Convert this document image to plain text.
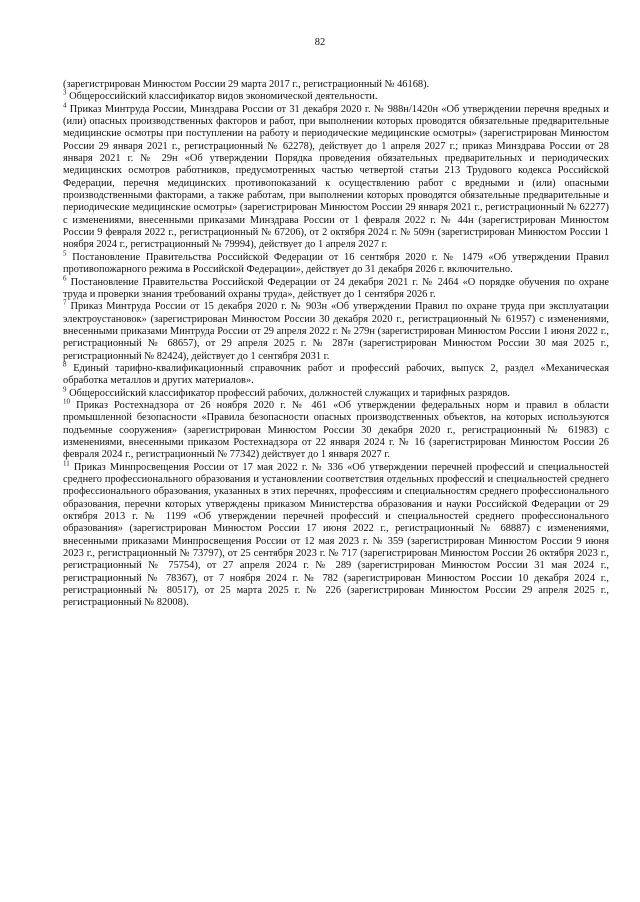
82

(зарегистрирован Минюстом России 29 марта 2017 г., регистрационный № 46168).

$^3$ Общероссийский классификатор видов экономической деятельности.

$^4$ Приказ Минтруда России, Минздрава России от 31 декабря 2020 г. № 988н/1420н «Об утверждении перечня вредных и (или) опасных производственных факторов и работ, при выполнении которых проводятся обязательные предварительные медицинские осмотры при поступлении на работу и периодические медицинские осмотры» (зарегистрирован Минюстом России 29 января 2021 г., регистрационный № 62278), действует до 1 апреля 2027 г.; приказ Минздрава России от 28 января 2021 г. № 29н «Об утверждении Порядка проведения обязательных предварительных и периодических медицинских осмотров работников, предусмотренных частью четвертой статьи 213 Трудового кодекса Российской Федерации, перечня медицинских противопоказаний к осуществлению работ с вредными и (или) опасными производственными факторами, а также работам, при выполнении которых проводятся обязательные предварительные и периодические медицинские осмотры» (зарегистрирован Минюстом России 29 января 2021 г., регистрационный № 62277) с изменениями, внесенными приказами Минздрава России от 1 февраля 2022 г. № 44н (зарегистрирован Минюстом России 9 февраля 2022 г., регистрационный № 67206), от 2 октября 2024 г. № 509н (зарегистрирован Минюстом России 1 ноября 2024 г., регистрационный № 79994), действует до 1 апреля 2027 г.

$^5$ Постановление Правительства Российской Федерации от 16 сентября 2020 г. № 1479 «Об утверждении Правил противопожарного режима в Российской Федерации», действует до 31 декабря 2026 г. включительно.

$^6$ Постановление Правительства Российской Федерации от 24 декабря 2021 г. № 2464 «О порядке обучения по охране труда и проверки знания требований охраны труда», действует до 1 сентября 2026 г.

$^7$ Приказ Минтруда России от 15 декабря 2020 г. № 903н «Об утверждении Правил по охране труда при эксплуатации электроустановок» (зарегистрирован Минюстом России 30 декабря 2020 г., регистрационный № 61957) с изменениями, внесенными приказами Минтруда России от 29 апреля 2022 г. № 279н (зарегистрирован Минюстом России 1 июня 2022 г., регистрационный № 68657), от 29 апреля 2025 г. № 287н (зарегистрирован Минюстом России 30 мая 2025 г., регистрационный № 82424), действует до 1 сентября 2031 г.

$^8$ Единый тарифно-квалификационный справочник работ и профессий рабочих, выпуск 2, раздел «Механическая обработка металлов и других материалов».

$^9$ Общероссийский классификатор профессий рабочих, должностей служащих и тарифных разрядов.

$^{10}$ Приказ Ростехнадзора от 26 ноября 2020 г. № 461 «Об утверждении федеральных норм и правил в области промышленной безопасности «Правила безопасности опасных производственных объектов, на которых используются подъемные сооружения» (зарегистрирован Минюстом России 30 декабря 2020 г., регистрационный № 61983) с изменениями, внесенными приказом Ростехнадзора от 22 января 2024 г. № 16 (зарегистрирован Минюстом России 26 февраля 2024 г., регистрационный № 77342) действует до 1 января 2027 г.

$^{11}$ Приказ Минпросвещения России от 17 мая 2022 г. № 336 «Об утверждении перечней профессий и специальностей среднего профессионального образования и установлении соответствия отдельных профессий и специальностей среднего профессионального образования, указанных в этих перечнях, профессиям и специальностям среднего профессионального образования, перечни которых утверждены приказом Министерства образования и науки Российской Федерации от 29 октября 2013 г. № 1199 «Об утверждении перечней профессий и специальностей среднего профессионального образования» (зарегистрирован Минюстом России 17 июня 2022 г., регистрационный № 68887) с изменениями, внесенными приказами Минпросвещения России от 12 мая 2023 г. № 359 (зарегистрирован Минюстом России 9 июня 2023 г., регистрационный № 73797), от 25 сентября 2023 г. № 717 (зарегистрирован Минюстом России 26 октября 2023 г., регистрационный № 75754), от 27 апреля 2024 г. № 289 (зарегистрирован Минюстом России 31 мая 2024 г., регистрационный № 78367), от 7 ноября 2024 г. № 782 (зарегистрирован Минюстом России 10 декабря 2024 г., регистрационный № 80517), от 25 марта 2025 г. № 226 (зарегистрирован Минюстом России 29 апреля 2025 г., регистрационный № 82008).
